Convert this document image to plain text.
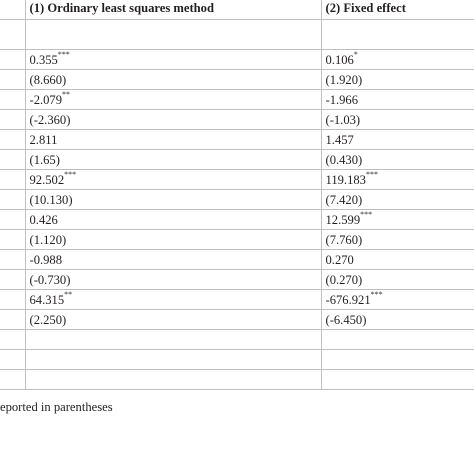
	(1) Ordinary least squares method	(2) Fixed effect

	0.355***	0.106*
	(8.660)	(1.920)
	-2.079**	-1.966
	(-2.360)	(-1.03)
	2.811	1.457
	(1.65)	(0.430)
	92.502***	119.183***
	(10.130)	(7.420)
	0.426	12.599***
	(1.120)	(7.760)
	-0.988	0.270
	(-0.730)	(0.270)
	64.315**	-676.921***
	(2.250)	(-6.450)

eported in parentheses
